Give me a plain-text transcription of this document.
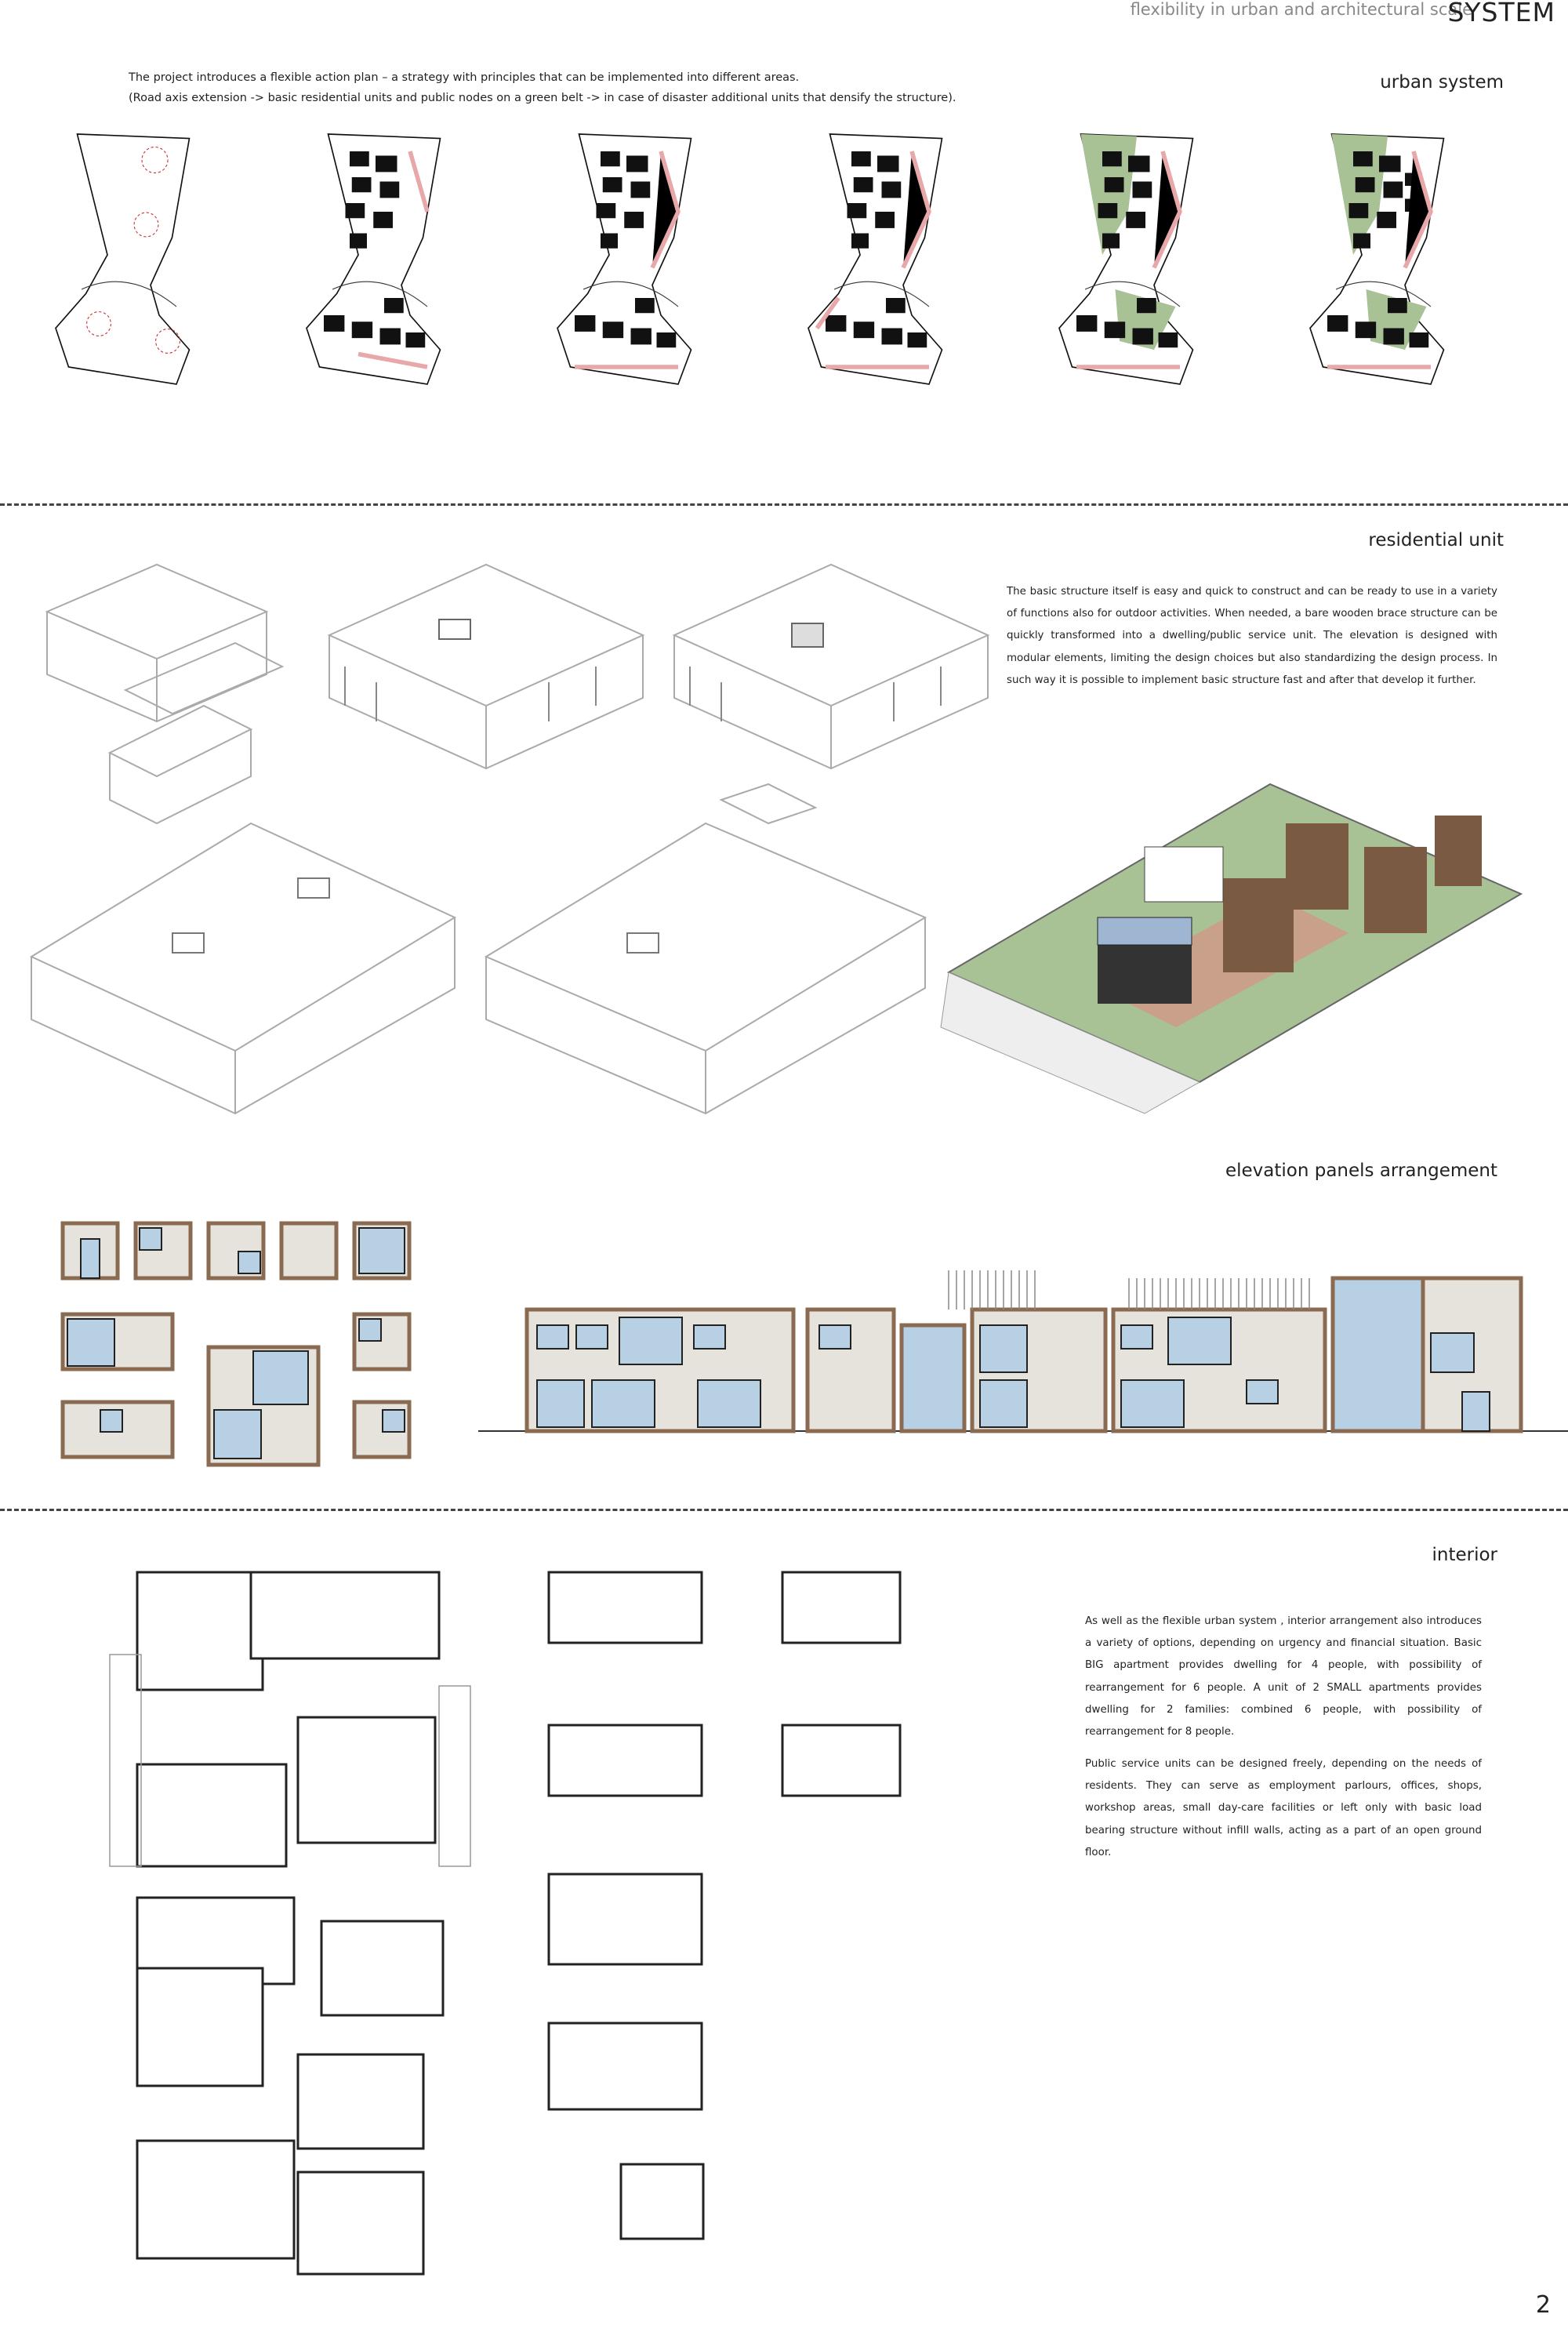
flexibility in urban and architectural scale
SYSTEM
The project introduces a flexible action plan – a strategy with principles that can be implemented into different areas.
(Road axis extension -> basic residential units and public nodes on a green belt -> in case of disaster additional units that densify the structure).
urban system
residential unit
The basic structure itself is easy and quick to construct and can be ready to use in a variety of functions also for outdoor activities. When needed, a bare wooden brace structure can be quickly transformed into a dwelling/public service unit. The elevation is designed with modular elements, limiting the design choices but also standardizing the design process. In such way it is possible to implement basic structure fast and after that develop it further.
elevation panels arrangement
interior
As well as the flexible urban system , interior arrangement also introduces a variety of options, depending on urgency and financial situation. Basic BIG apartment provides dwelling for 4 people, with possibility of rearrangement for 6 people. A unit of 2 SMALL apartments provides dwelling for 2 families: combined 6 people, with possibility of rearrangement for 8 people.
Public service units can be designed freely, depending on the needs of residents. They can serve as employment parlours, offices, shops, workshop areas, small day-care facilities or left only with basic load bearing structure without infill walls, acting as a part of an open ground floor.
2
